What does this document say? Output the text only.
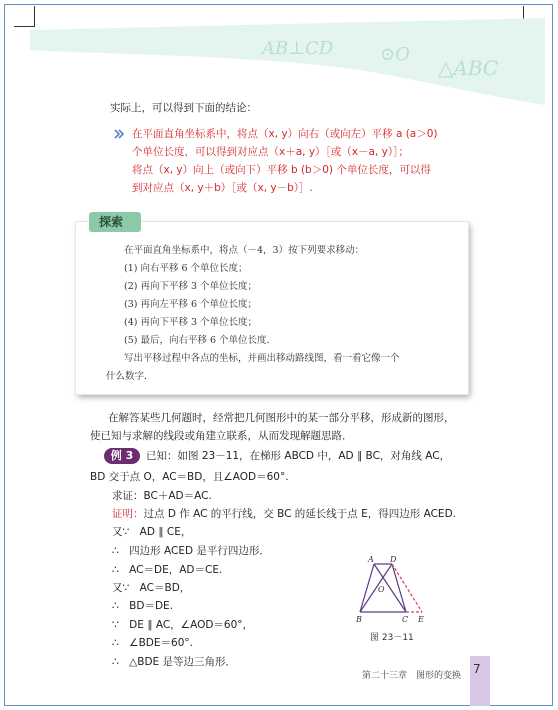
AB⊥CD	⊙O
△ABC
实际上，可以得到下面的结论：
在平面直角坐标系中，将点（x, y）向右（或向左）平移 a (a＞0)
个单位长度，可以得到对应点（x＋a, y）［或（x－a, y）］；
将点（x, y）向上（或向下）平移 b (b＞0) 个单位长度，可以得
到对应点（x, y＋b）［或（x, y－b）］.
探索
在平面直角坐标系中，将点（－4，3）按下列要求移动：
(1) 向右平移 6 个单位长度；
(2) 再向下平移 3 个单位长度；
(3) 再向左平移 6 个单位长度；
(4) 再向下平移 3 个单位长度；
(5) 最后，向右平移 6 个单位长度．
写出平移过程中各点的坐标，并画出移动路线图，看一看它像一个
什么数字．
在解答某些几何题时，经常把几何图形中的某一部分平移，形成新的图形，
使已知与求解的线段或角建立联系，从而发现解题思路．
例 3	已知：如图 23－11，在梯形 ABCD 中，AD ∥ BC，对角线 AC，
BD 交于点 O，AC＝BD，且∠AOD＝60°.
求证：BC＋AD＝AC.
证明：过点 D 作 AC 的平行线，交 BC 的延长线于点 E，得四边形 ACED.
又∵　AD ∥ CE，
∴　四边形 ACED 是平行四边形．
∴　AC＝DE，AD＝CE.
又∵　AC＝BD，
∴　BD＝DE.
∵　DE ∥ AC，∠AOD＝60°，
∴　∠BDE＝60°.
∴　△BDE 是等边三角形．
A D
O
B	C E
图 23－11
第二十三章　图形的变换 7
